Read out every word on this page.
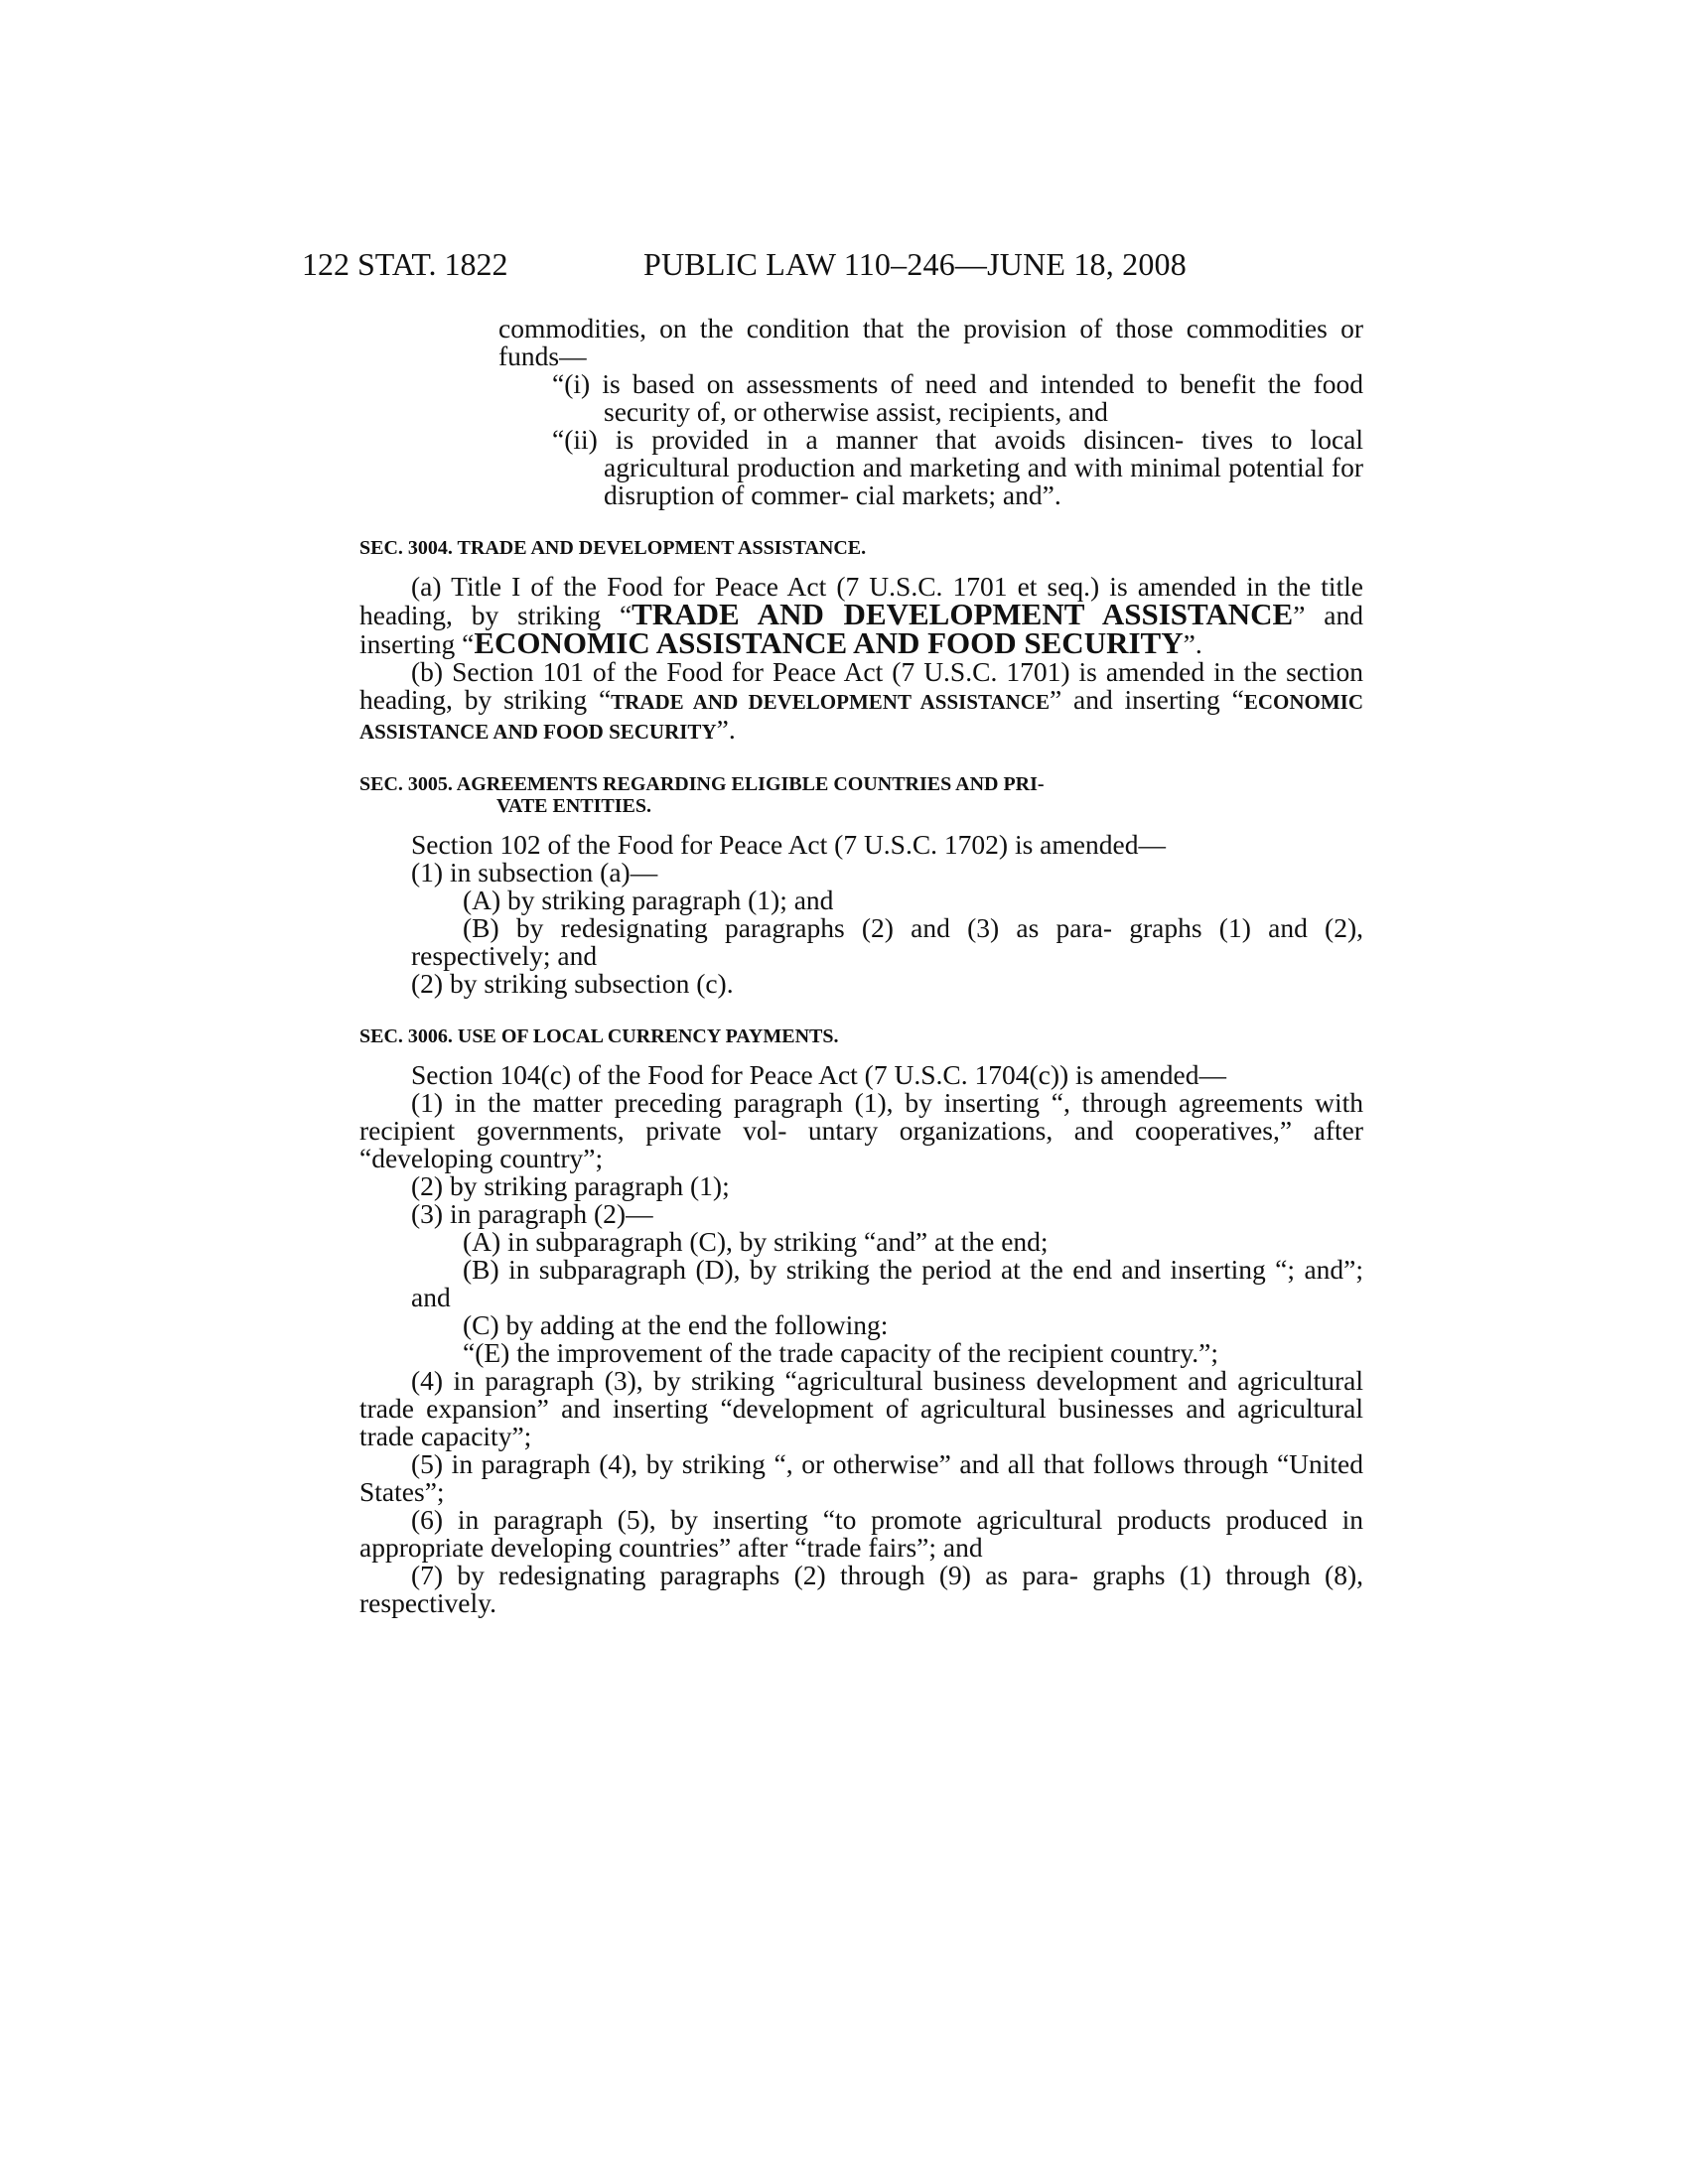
122 STAT. 1822	PUBLIC LAW 110–246—JUNE 18, 2008

commodities, on the condition that the provision of those commodities or funds—

“(i) is based on assessments of need and intended to benefit the food security of, or otherwise assist, recipients, and

“(ii) is provided in a manner that avoids disincen- tives to local agricultural production and marketing and with minimal potential for disruption of commer- cial markets; and”.

SEC. 3004. TRADE AND DEVELOPMENT ASSISTANCE.

(a) Title I of the Food for Peace Act (7 U.S.C. 1701 et seq.) is amended in the title heading, by striking “TRADE AND DEVELOPMENT ASSISTANCE” and inserting “ECONOMIC ASSISTANCE AND FOOD SECURITY”.

(b) Section 101 of the Food for Peace Act (7 U.S.C. 1701) is amended in the section heading, by striking “TRADE AND DEVELOPMENT ASSISTANCE” and inserting “ECONOMIC ASSISTANCE AND FOOD SECURITY”.

SEC. 3005. AGREEMENTS REGARDING ELIGIBLE COUNTRIES AND PRI-
VATE ENTITIES.

Section 102 of the Food for Peace Act (7 U.S.C. 1702) is amended—

(1) in subsection (a)—

(A) by striking paragraph (1); and

(B) by redesignating paragraphs (2) and (3) as para- graphs (1) and (2), respectively; and

(2) by striking subsection (c).

SEC. 3006. USE OF LOCAL CURRENCY PAYMENTS.

Section 104(c) of the Food for Peace Act (7 U.S.C. 1704(c)) is amended—

(1) in the matter preceding paragraph (1), by inserting “, through agreements with recipient governments, private vol- untary organizations, and cooperatives,” after “developing country”;

(2) by striking paragraph (1);

(3) in paragraph (2)—

(A) in subparagraph (C), by striking “and” at the end;

(B) in subparagraph (D), by striking the period at the end and inserting “; and”; and

(C) by adding at the end the following:

“(E) the improvement of the trade capacity of the recipient country.”;

(4) in paragraph (3), by striking “agricultural business development and agricultural trade expansion” and inserting “development of agricultural businesses and agricultural trade capacity”;

(5) in paragraph (4), by striking “, or otherwise” and all that follows through “United States”;

(6) in paragraph (5), by inserting “to promote agricultural products produced in appropriate developing countries” after “trade fairs”; and

(7) by redesignating paragraphs (2) through (9) as para- graphs (1) through (8), respectively.
